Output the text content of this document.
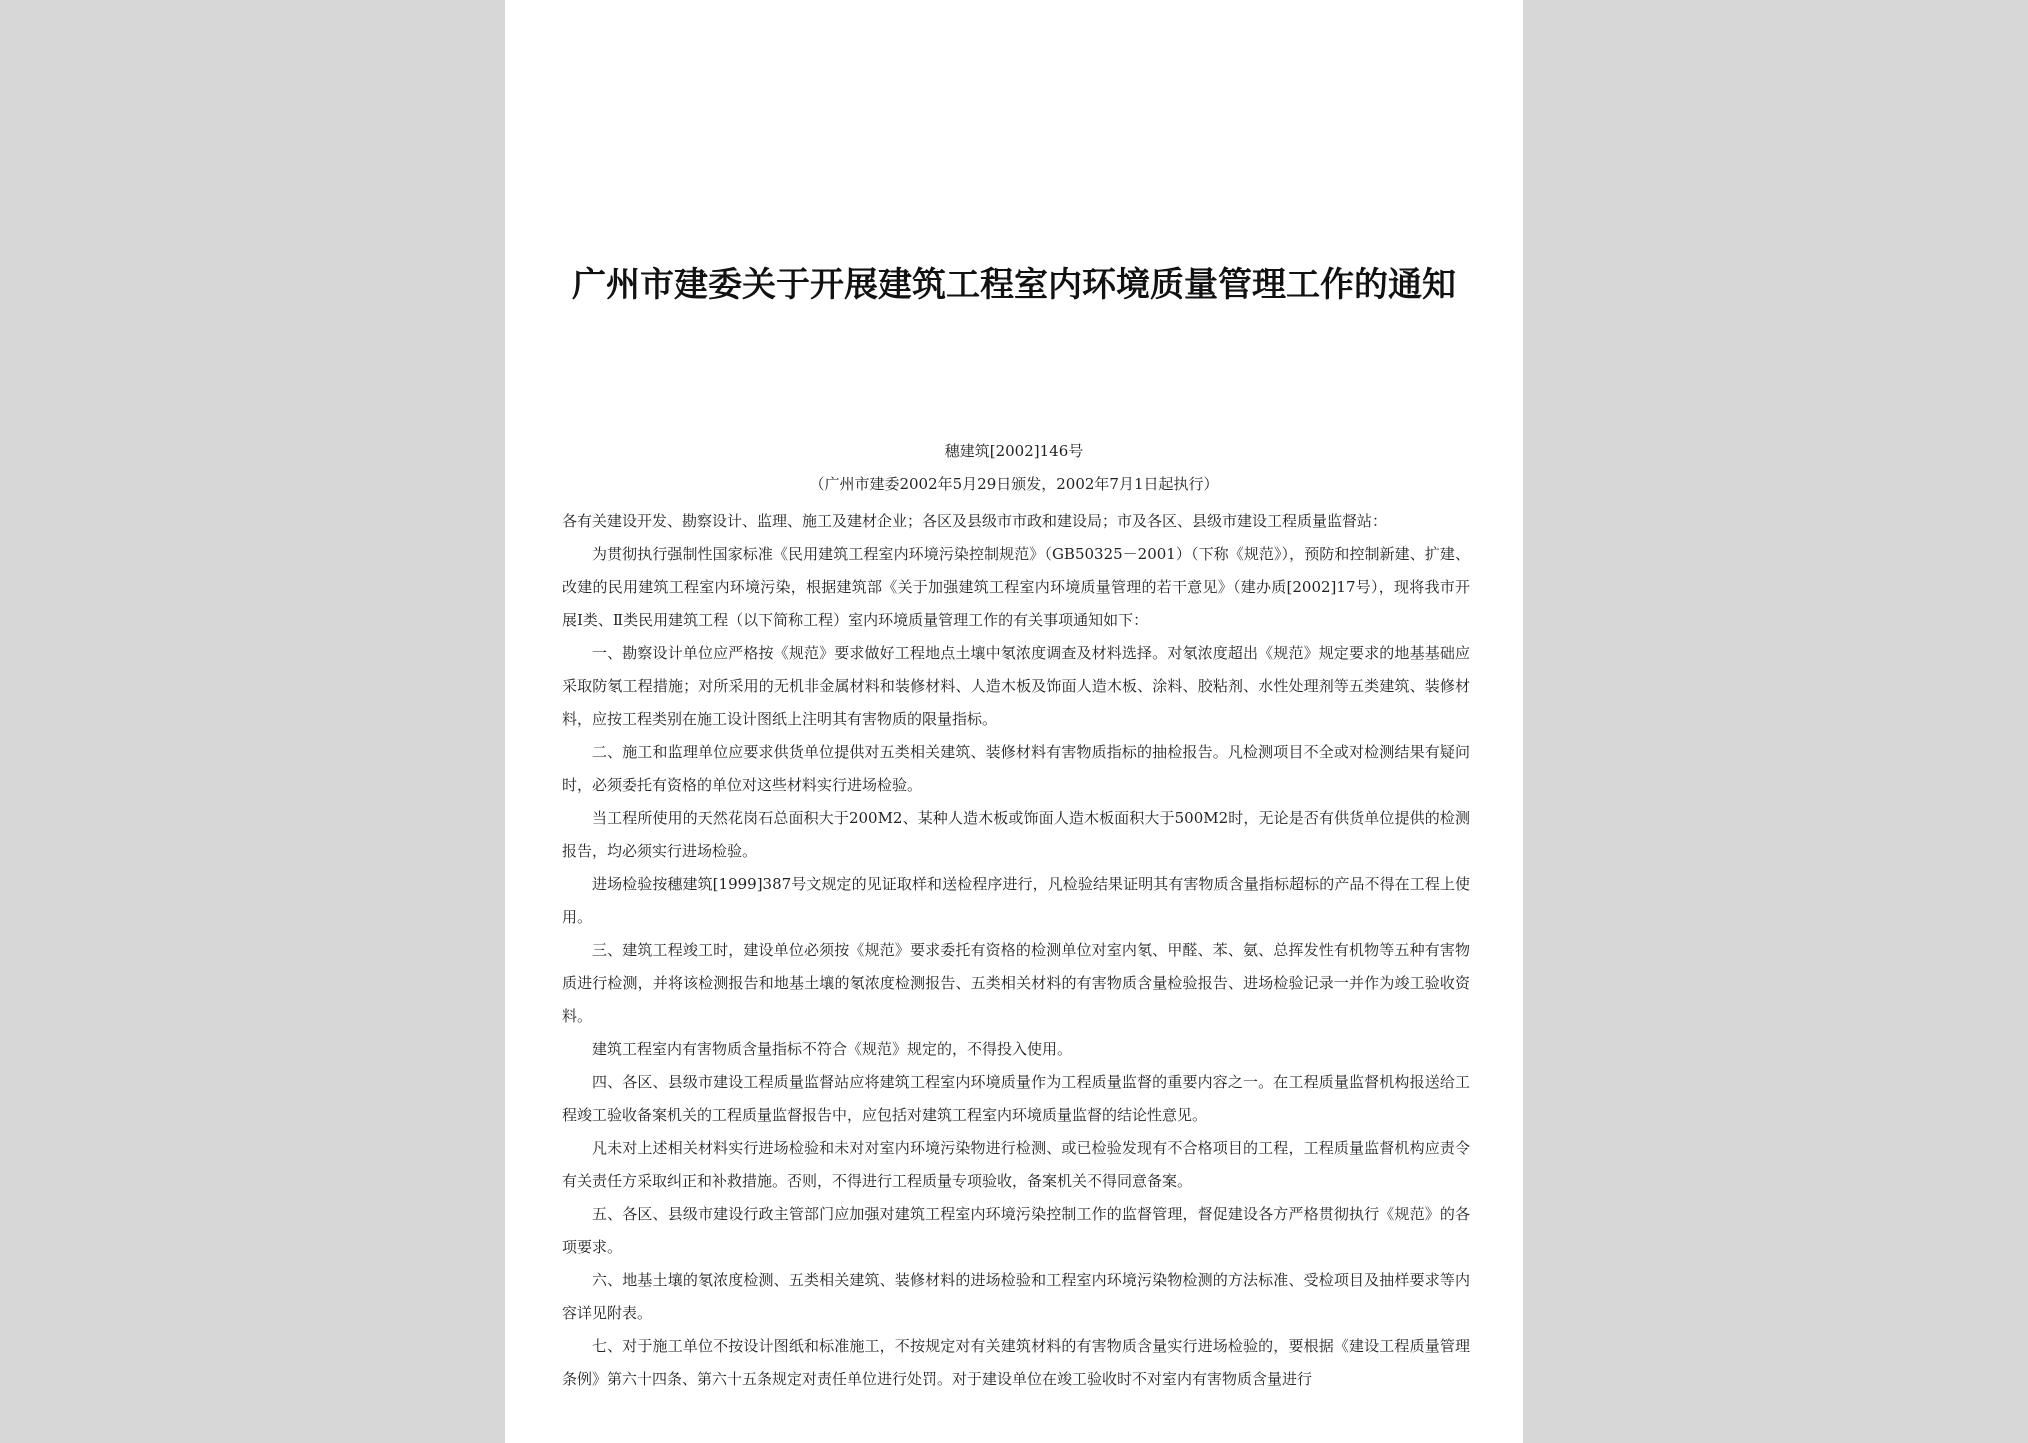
广州市建委关于开展建筑工程室内环境质量管理工作的通知
穗建筑[2002]146号
（广州市建委2002年5月29日颁发，2002年7月1日起执行）

各有关建设开发、勘察设计、监理、施工及建材企业；各区及县级市市政和建设局；市及各区、县级市建设工程质量监督站：

为贯彻执行强制性国家标准《民用建筑工程室内环境污染控制规范》（GB50325－2001）（下称《规范》），预防和控制新建、扩建、改建的民用建筑工程室内环境污染，根据建筑部《关于加强建筑工程室内环境质量管理的若干意见》（建办质[2002]17号），现将我市开展Ⅰ类、Ⅱ类民用建筑工程（以下简称工程）室内环境质量管理工作的有关事项通知如下：

一、勘察设计单位应严格按《规范》要求做好工程地点土壤中氡浓度调查及材料选择。对氡浓度超出《规范》规定要求的地基基础应采取防氡工程措施；对所采用的无机非金属材料和装修材料、人造木板及饰面人造木板、涂料、胶粘剂、水性处理剂等五类建筑、装修材料，应按工程类别在施工设计图纸上注明其有害物质的限量指标。

二、施工和监理单位应要求供货单位提供对五类相关建筑、装修材料有害物质指标的抽检报告。凡检测项目不全或对检测结果有疑问时，必须委托有资格的单位对这些材料实行进场检验。

当工程所使用的天然花岗石总面积大于200M2、某种人造木板或饰面人造木板面积大于500M2时，无论是否有供货单位提供的检测报告，均必须实行进场检验。

进场检验按穗建筑[1999]387号文规定的见证取样和送检程序进行，凡检验结果证明其有害物质含量指标超标的产品不得在工程上使用。

三、建筑工程竣工时，建设单位必须按《规范》要求委托有资格的检测单位对室内氡、甲醛、苯、氨、总挥发性有机物等五种有害物质进行检测，并将该检测报告和地基土壤的氡浓度检测报告、五类相关材料的有害物质含量检验报告、进场检验记录一并作为竣工验收资料。

建筑工程室内有害物质含量指标不符合《规范》规定的，不得投入使用。

四、各区、县级市建设工程质量监督站应将建筑工程室内环境质量作为工程质量监督的重要内容之一。在工程质量监督机构报送给工程竣工验收备案机关的工程质量监督报告中，应包括对建筑工程室内环境质量监督的结论性意见。

凡未对上述相关材料实行进场检验和未对对室内环境污染物进行检测、或已检验发现有不合格项目的工程，工程质量监督机构应责令有关责任方采取纠正和补救措施。否则，不得进行工程质量专项验收，备案机关不得同意备案。

五、各区、县级市建设行政主管部门应加强对建筑工程室内环境污染控制工作的监督管理，督促建设各方严格贯彻执行《规范》的各项要求。

六、地基土壤的氡浓度检测、五类相关建筑、装修材料的进场检验和工程室内环境污染物检测的方法标准、受检项目及抽样要求等内容详见附表。

七、对于施工单位不按设计图纸和标准施工，不按规定对有关建筑材料的有害物质含量实行进场检验的，要根据《建设工程质量管理条例》第六十四条、第六十五条规定对责任单位进行处罚。对于建设单位在竣工验收时不对室内有害物质含量进行
